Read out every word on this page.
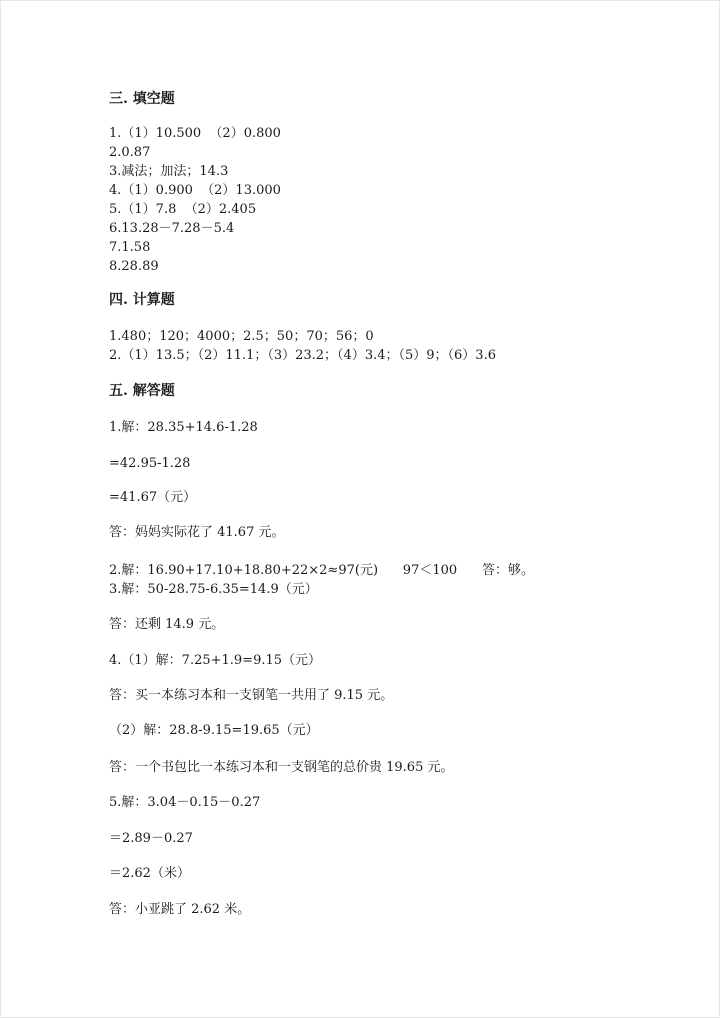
三. 填空题
1.（1）10.500  （2）0.800
2.0.87
3.减法；加法；14.3
4.（1）0.900  （2）13.000
5.（1）7.8  （2）2.405
6.13.28－7.28－5.4
7.1.58
8.28.89
四. 计算题
1.480；120；4000；2.5；50；70；56；0
2.（1）13.5；（2）11.1；（3）23.2；（4）3.4；（5）9；（6）3.6
五. 解答题
1.解：28.35+14.6-1.28
=42.95-1.28
=41.67（元）
答：妈妈实际花了 41.67 元。
2.解：16.90+17.10+18.80+22×2≈97(元)      97＜100      答：够。
3.解：50-28.75-6.35=14.9（元）
答：还剩 14.9 元。
4.（1）解：7.25+1.9=9.15（元）
答：买一本练习本和一支钢笔一共用了 9.15 元。
（2）解：28.8-9.15=19.65（元）
答：一个书包比一本练习本和一支钢笔的总价贵 19.65 元。
5.解：3.04－0.15－0.27
＝2.89－0.27
＝2.62（米）
答：小亚跳了 2.62 米。
